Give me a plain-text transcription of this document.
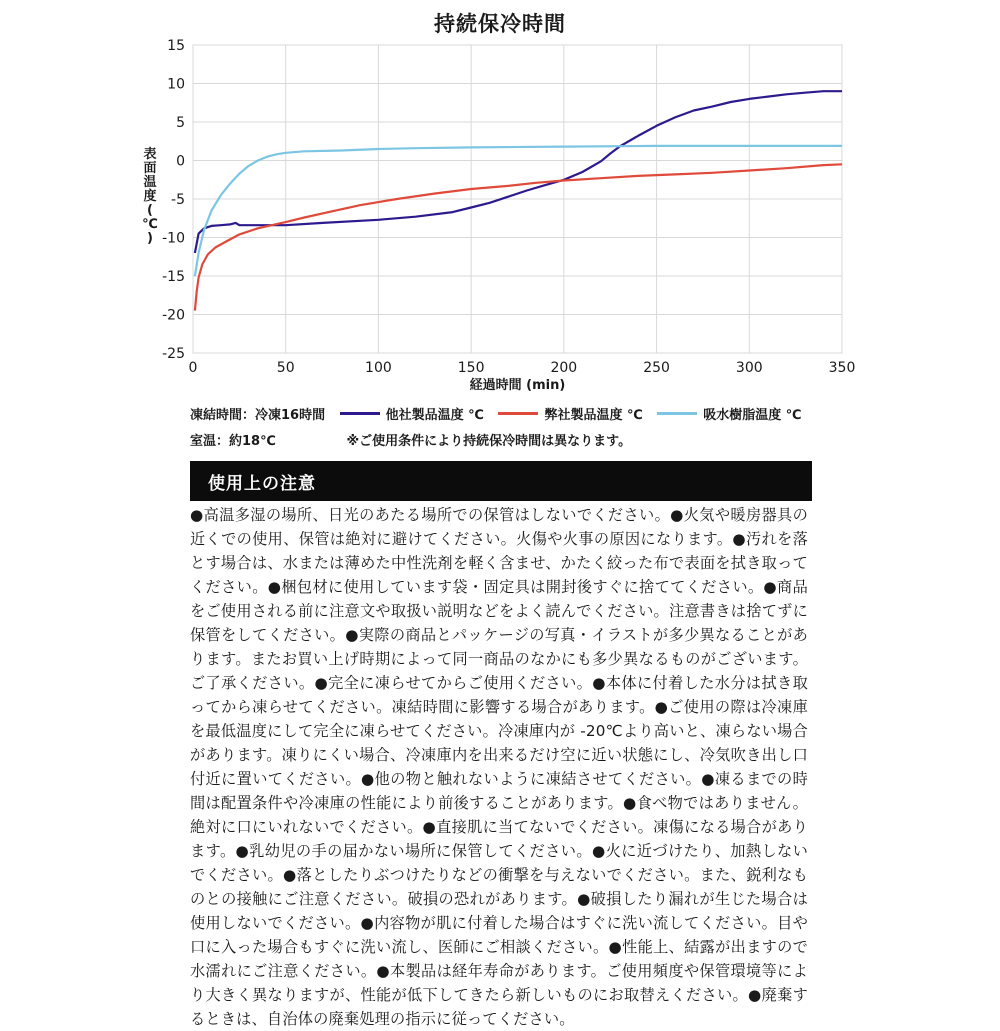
持続保冷時間
0	50	100	150	200	250	300	350
15
10
5
0
-5
-10
-15
-20
-25
経過時間 (min)
表
面
温
度
(
℃
)
凍結時間：冷凍16時間	他社製品温度 ℃	弊社製品温度 ℃	吸水樹脂温度 ℃
室温：約18℃	※ご使用条件により持続保冷時間は異なります。
使用上の注意
●高温多湿の場所、日光のあたる場所での保管はしないでください。●火気や暖房器具の近くでの使用、保管は絶対に避けてください。火傷や火事の原因になります。●汚れを落とす場合は、水または薄めた中性洗剤を軽く含ませ、かたく絞った布で表面を拭き取ってください。●梱包材に使用しています袋・固定具は開封後すぐに捨ててください。●商品をご使用される前に注意文や取扱い説明などをよく読んでください。注意書きは捨てずに保管をしてください。●実際の商品とパッケージの写真・イラストが多少異なることがあります。またお買い上げ時期によって同一商品のなかにも多少異なるものがございます。ご了承ください。●完全に凍らせてからご使用ください。●本体に付着した水分は拭き取ってから凍らせてください。凍結時間に影響する場合があります。●ご使用の際は冷凍庫を最低温度にして完全に凍らせてください。冷凍庫内が -20℃より高いと、凍らない場合があります。凍りにくい場合、冷凍庫内を出来るだけ空に近い状態にし、冷気吹き出し口付近に置いてください。●他の物と触れないように凍結させてください。●凍るまでの時間は配置条件や冷凍庫の性能により前後することがあります。●食べ物ではありません。絶対に口にいれないでください。●直接肌に当てないでください。凍傷になる場合があります。●乳幼児の手の届かない場所に保管してください。●火に近づけたり、加熱しないでください。●落としたりぶつけたりなどの衝撃を与えないでください。また、鋭利なものとの接触にご注意ください。破損の恐れがあります。●破損したり漏れが生じた場合は使用しないでください。●内容物が肌に付着した場合はすぐに洗い流してください。目や口に入った場合もすぐに洗い流し、医師にご相談ください。●性能上、結露が出ますので水濡れにご注意ください。●本製品は経年寿命があります。ご使用頻度や保管環境等により大きく異なりますが、性能が低下してきたら新しいものにお取替えください。●廃棄するときは、自治体の廃棄処理の指示に従ってください。
